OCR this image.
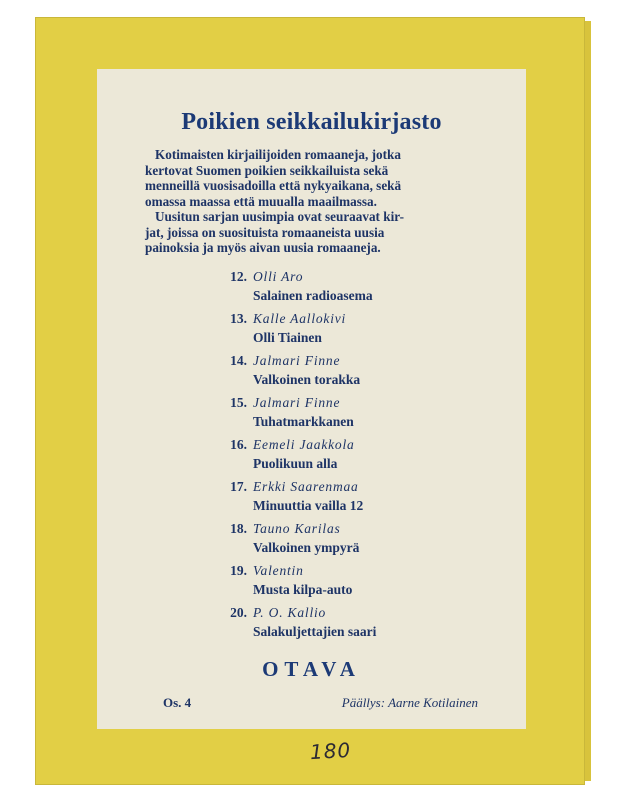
Poikien seikkailukirjasto

Kotimaisten kirjailijoiden romaaneja, jotka

kertovat Suomen poikien seikkailuista sekä

menneillä vuosisadoilla että nykyaikana, sekä

omassa maassa että muualla maailmassa.

Uusitun sarjan uusimpia ovat seuraavat kir-

jat, joissa on suosituista romaaneista uusia

painoksia ja myös aivan uusia romaaneja.

12. Olli Aro
Salainen radioasema
13. Kalle Aallokivi
Olli Tiainen
14. Jalmari Finne
Valkoinen torakka
15. Jalmari Finne
Tuhatmarkkanen
16. Eemeli Jaakkola
Puolikuun alla
17. Erkki Saarenmaa
Minuuttia vailla 12
18. Tauno Karilas
Valkoinen ympyrä
19. Valentin
Musta kilpa-auto
20. P. O. Kallio
Salakuljettajien saari
OTAVA
Os. 4	Päällys: Aarne Kotilainen
180
